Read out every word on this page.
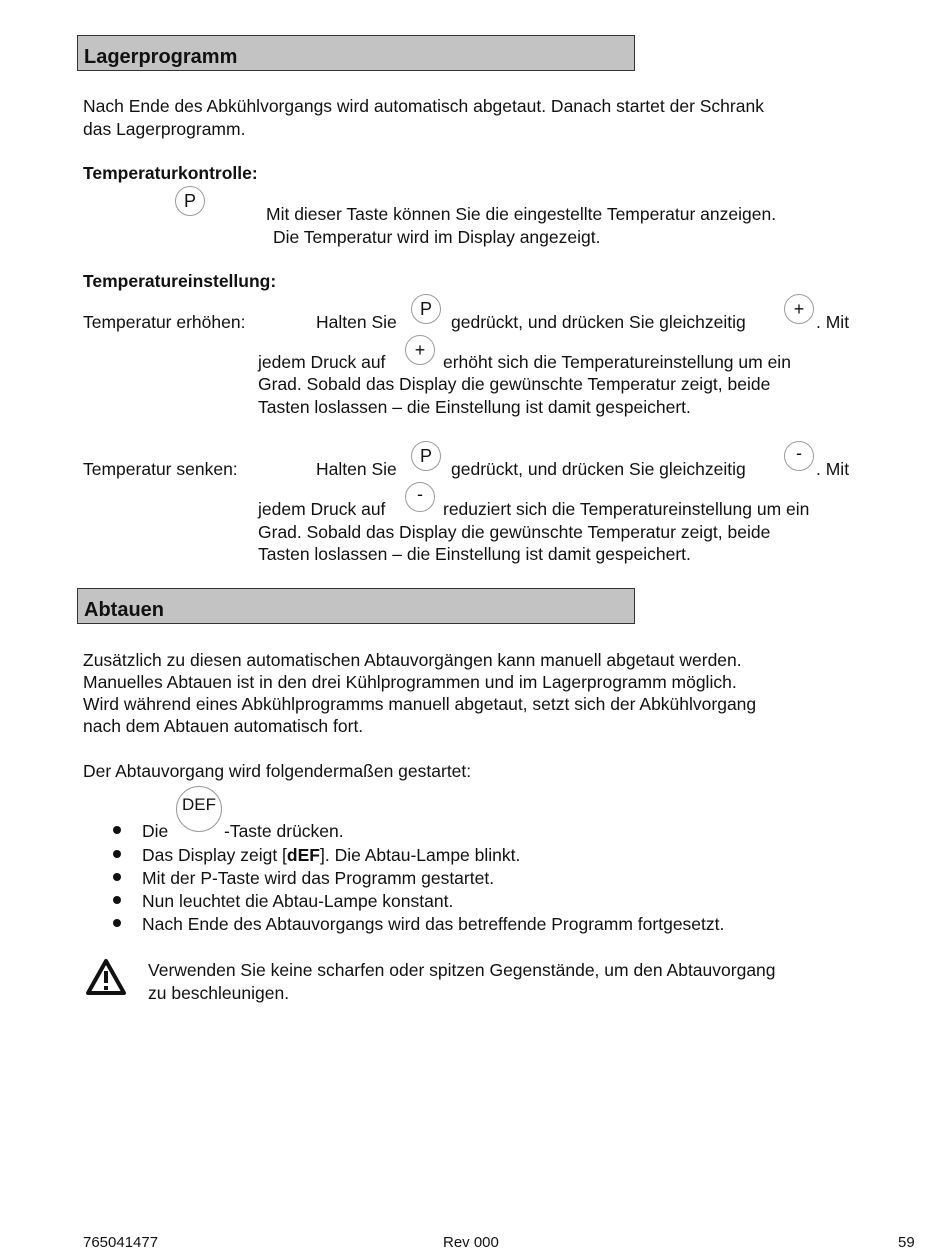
Lagerprogramm
Nach Ende des Abkühlvorgangs wird automatisch abgetaut. Danach startet der Schrank
das Lagerprogramm.
Temperaturkontrolle:
P
Mit dieser Taste können Sie die eingestellte Temperatur anzeigen.
Die Temperatur wird im Display angezeigt.
Temperatureinstellung:
Temperatur erhöhen:	Halten Sie
P
gedrückt, und drücken Sie gleichzeitig
+
. Mit
jedem Druck auf
+
erhöht sich die Temperatureinstellung um ein
Grad. Sobald das Display die gewünschte Temperatur zeigt, beide
Tasten loslassen – die Einstellung ist damit gespeichert.
Temperatur senken:	Halten Sie
P
gedrückt, und drücken Sie gleichzeitig
-
. Mit
jedem Druck auf
-
reduziert sich die Temperatureinstellung um ein
Grad. Sobald das Display die gewünschte Temperatur zeigt, beide
Tasten loslassen – die Einstellung ist damit gespeichert.
Abtauen
Zusätzlich zu diesen automatischen Abtauvorgängen kann manuell abgetaut werden.
Manuelles Abtauen ist in den drei Kühlprogrammen und im Lagerprogramm möglich.
Wird während eines Abkühlprogramms manuell abgetaut, setzt sich der Abkühlvorgang
nach dem Abtauen automatisch fort.
Der Abtauvorgang wird folgendermaßen gestartet:
Die
DEF
-Taste drücken.
Das Display zeigt [dEF]. Die Abtau-Lampe blinkt.
Mit der P-Taste wird das Programm gestartet.
Nun leuchtet die Abtau-Lampe konstant.
Nach Ende des Abtauvorgangs wird das betreffende Programm fortgesetzt.
Verwenden Sie keine scharfen oder spitzen Gegenstände, um den Abtauvorgang
zu beschleunigen.
765041477	Rev 000	59
